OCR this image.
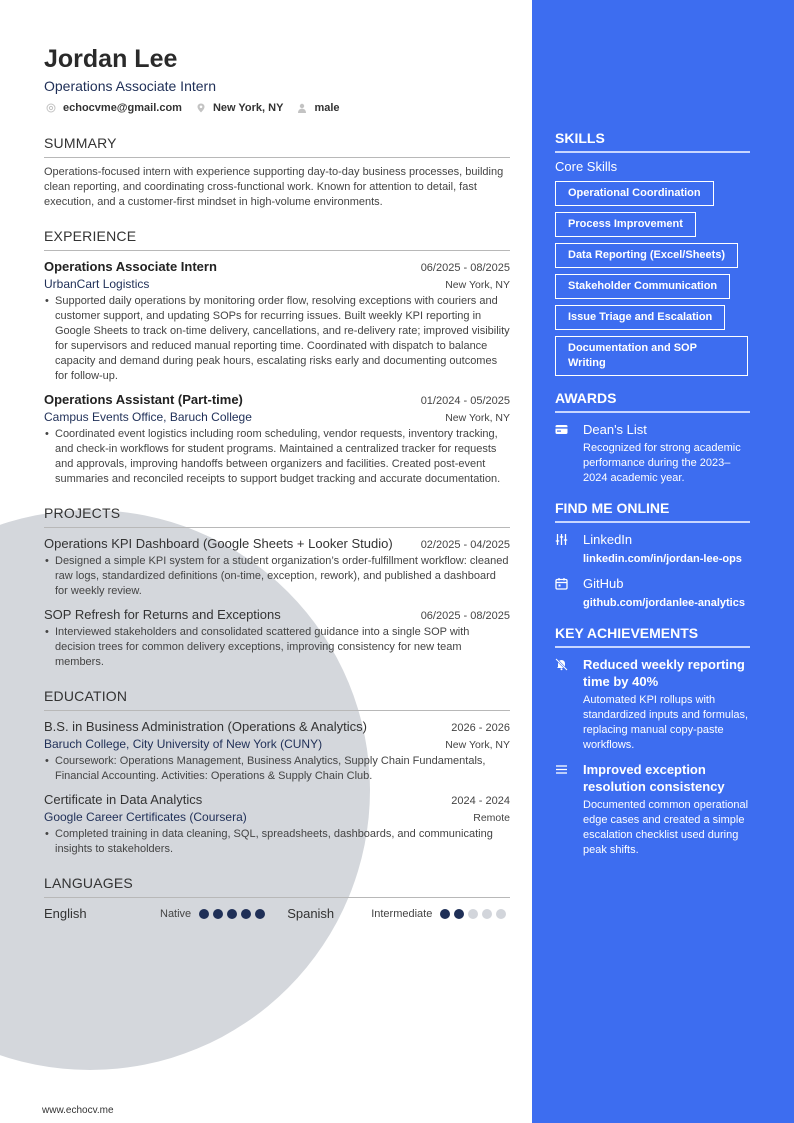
Jordan Lee
Operations Associate Intern
echocvme@gmail.com	New York, NY	male
SUMMARY
Operations-focused intern with experience supporting day-to-day business processes, building clean reporting, and coordinating cross-functional work. Known for attention to detail, fast execution, and a customer-first mindset in high-volume environments.
EXPERIENCE
Operations Associate Intern	06/2025 - 08/2025
UrbanCart Logistics	New York, NY
• Supported daily operations by monitoring order flow, resolving exceptions with couriers and customer support, and updating SOPs for recurring issues. Built weekly KPI reporting in Google Sheets to track on-time delivery, cancellations, and re-delivery rate; improved visibility for supervisors and reduced manual reporting time. Coordinated with dispatch to balance capacity and demand during peak hours, escalating risks early and documenting outcomes for follow-up.
Operations Assistant (Part-time)	01/2024 - 05/2025
Campus Events Office, Baruch College	New York, NY
• Coordinated event logistics including room scheduling, vendor requests, inventory tracking, and check-in workflows for student programs. Maintained a centralized tracker for requests and approvals, improving handoffs between organizers and facilities. Created post-event summaries and reconciled receipts to support budget tracking and accurate documentation.
PROJECTS
Operations KPI Dashboard (Google Sheets + Looker Studio)	02/2025 - 04/2025
• Designed a simple KPI system for a student organization’s order-fulfillment workflow: cleaned raw logs, standardized definitions (on-time, exception, rework), and published a dashboard for weekly review.
SOP Refresh for Returns and Exceptions	06/2025 - 08/2025
• Interviewed stakeholders and consolidated scattered guidance into a single SOP with decision trees for common delivery exceptions, improving consistency for new team members.
EDUCATION
B.S. in Business Administration (Operations & Analytics)	2026 - 2026
Baruch College, City University of New York (CUNY)	New York, NY
• Coursework: Operations Management, Business Analytics, Supply Chain Fundamentals, Financial Accounting. Activities: Operations & Supply Chain Club.
Certificate in Data Analytics	2024 - 2024
Google Career Certificates (Coursera)	Remote
• Completed training in data cleaning, SQL, spreadsheets, dashboards, and communicating insights to stakeholders.
LANGUAGES
English	Native	Spanish	Intermediate
www.echocv.me
SKILLS
Core Skills
Operational Coordination
Process Improvement
Data Reporting (Excel/Sheets)
Stakeholder Communication
Issue Triage and Escalation
Documentation and SOP Writing
AWARDS
Dean's List
Recognized for strong academic performance during the 2023–2024 academic year.
FIND ME ONLINE
LinkedIn
linkedin.com/in/jordan-lee-ops
GitHub
github.com/jordanlee-analytics
KEY ACHIEVEMENTS
Reduced weekly reporting time by 40%
Automated KPI rollups with standardized inputs and formulas, replacing manual copy-paste workflows.
Improved exception resolution consistency
Documented common operational edge cases and created a simple escalation checklist used during peak shifts.
